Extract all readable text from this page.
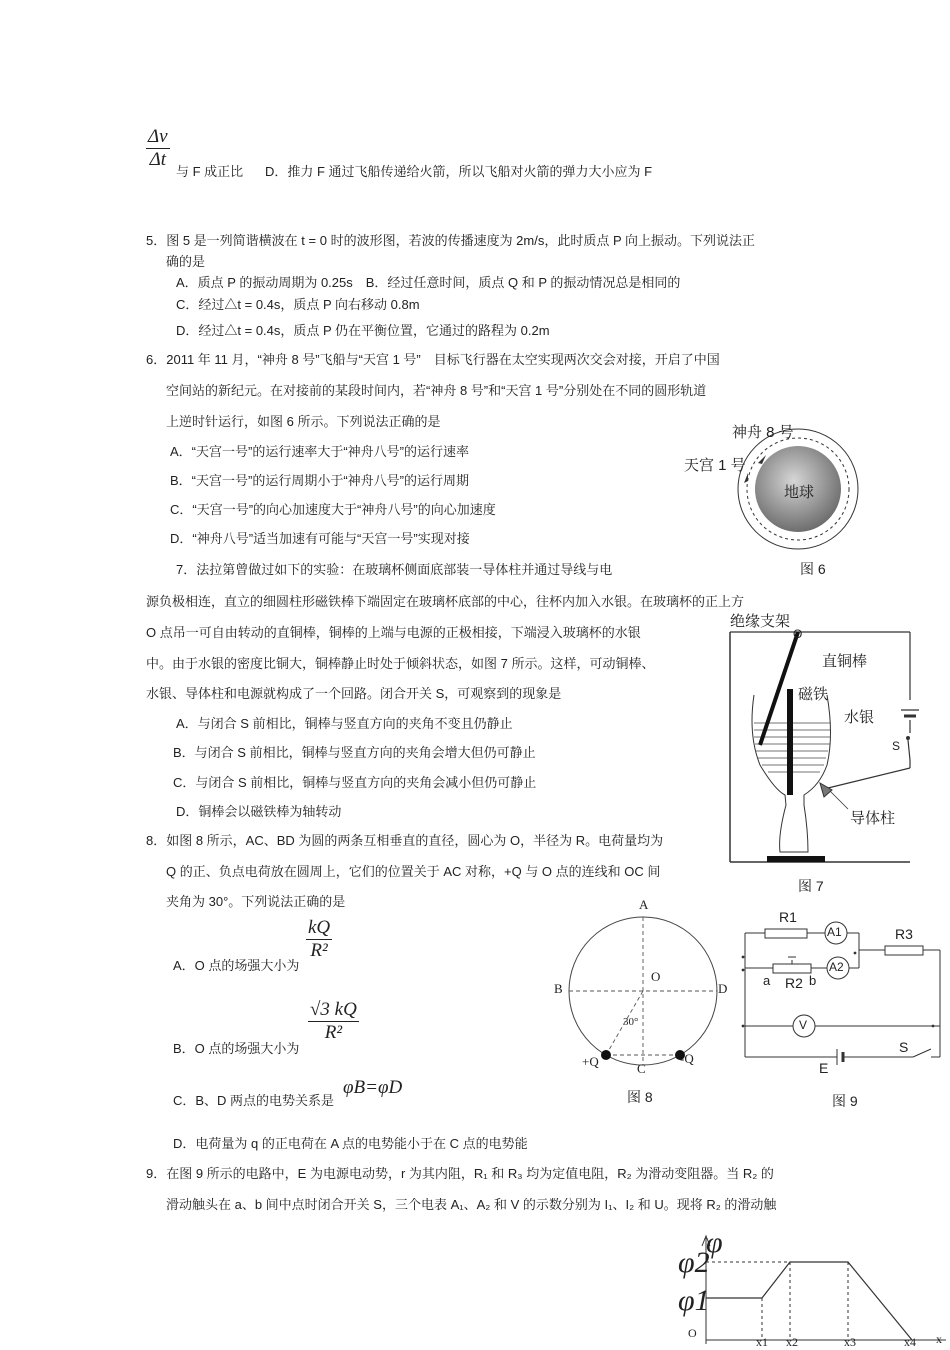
$\frac{\Delta v}{\Delta t}$
与 F 成正比 D．推力 F 通过飞船传递给火箭，所以飞船对火箭的弹力大小应为 F
5．图 5 是一列简谐横波在 t = 0 时的波形图，若波的传播速度为 2m/s，此时质点 P 向上振动。下列说法正
确的是
A．质点 P 的振动周期为 0.25s　B．经过任意时间，质点 Q 和 P 的振动情况总是相同的
C．经过△t = 0.4s，质点 P 向右移动 0.8m
D．经过△t = 0.4s，质点 P 仍在平衡位置，它通过的路程为 0.2m
6．2011 年 11 月，“神舟 8 号”飞船与“天宫 1 号”　目标飞行器在太空实现两次交会对接，开启了中国
空间站的新纪元。在对接前的某段时间内，若“神舟 8 号”和“天宫 1 号”分别处在不同的圆形轨道
上逆时针运行，如图 6 所示。下列说法正确的是
A．“天宫一号”的运行速率大于“神舟八号”的运行速率
B．“天宫一号”的运行周期小于“神舟八号”的运行周期
C．“天宫一号”的向心加速度大于“神舟八号”的向心加速度
D．“神舟八号”适当加速有可能与“天宫一号”实现对接
神舟 8 号
天宫 1 号
地球
图 6
7．法拉第曾做过如下的实验：在玻璃杯侧面底部装一导体柱并通过导线与电
源负极相连，直立的细圆柱形磁铁棒下端固定在玻璃杯底部的中心，往杯内加入水银。在玻璃杯的正上方
O 点吊一可自由转动的直铜棒，铜棒的上端与电源的正极相接，下端浸入玻璃杯的水银
中。由于水银的密度比铜大，铜棒静止时处于倾斜状态，如图 7 所示。这样，可动铜棒、
水银、导体柱和电源就构成了一个回路。闭合开关 S，可观察到的现象是
A．与闭合 S 前相比，铜棒与竖直方向的夹角不变且仍静止
B．与闭合 S 前相比，铜棒与竖直方向的夹角会增大但仍可静止
C．与闭合 S 前相比，铜棒与竖直方向的夹角会减小但仍可静止
D．铜棒会以磁铁棒为轴转动
绝缘支架
O
直铜棒
磁铁
水银
S
导体柱
图 7
8．如图 8 所示，AC、BD 为圆的两条互相垂直的直径，圆心为 O，半径为 R。电荷量均为
Q 的正、负点电荷放在圆周上，它们的位置关于 AC 对称，+Q 与 O 点的连线和 OC 间
夹角为 30°。下列说法正确的是
A．O 点的场强大小为
$\frac{kQ}{\text{R²}}$
B．O 点的场强大小为
$\frac{√3 kQ}{\text{R²}}$
C．B、D 两点的电势关系是
φB=φD
D．电荷量为 q 的正电荷在 A 点的电势能小于在 C 点的电势能
A
B	D
O
C
30°
+Q	-Q
图 8
R1
A1	R3
A2
a R2 b
V
S
E
图 9
9．在图 9 所示的电路中，E 为电源电动势，r 为其内阻，R₁ 和 R₃ 均为定值电阻，R₂ 为滑动变阻器。当 R₂ 的
滑动触头在 a、b 间中点时闭合开关 S，三个电表 A₁、A₂ 和 V 的示数分别为 I₁、I₂ 和 U。现将 R₂ 的滑动触
φ
φ2
φ1
O
x1 x2	x3	x4 x
